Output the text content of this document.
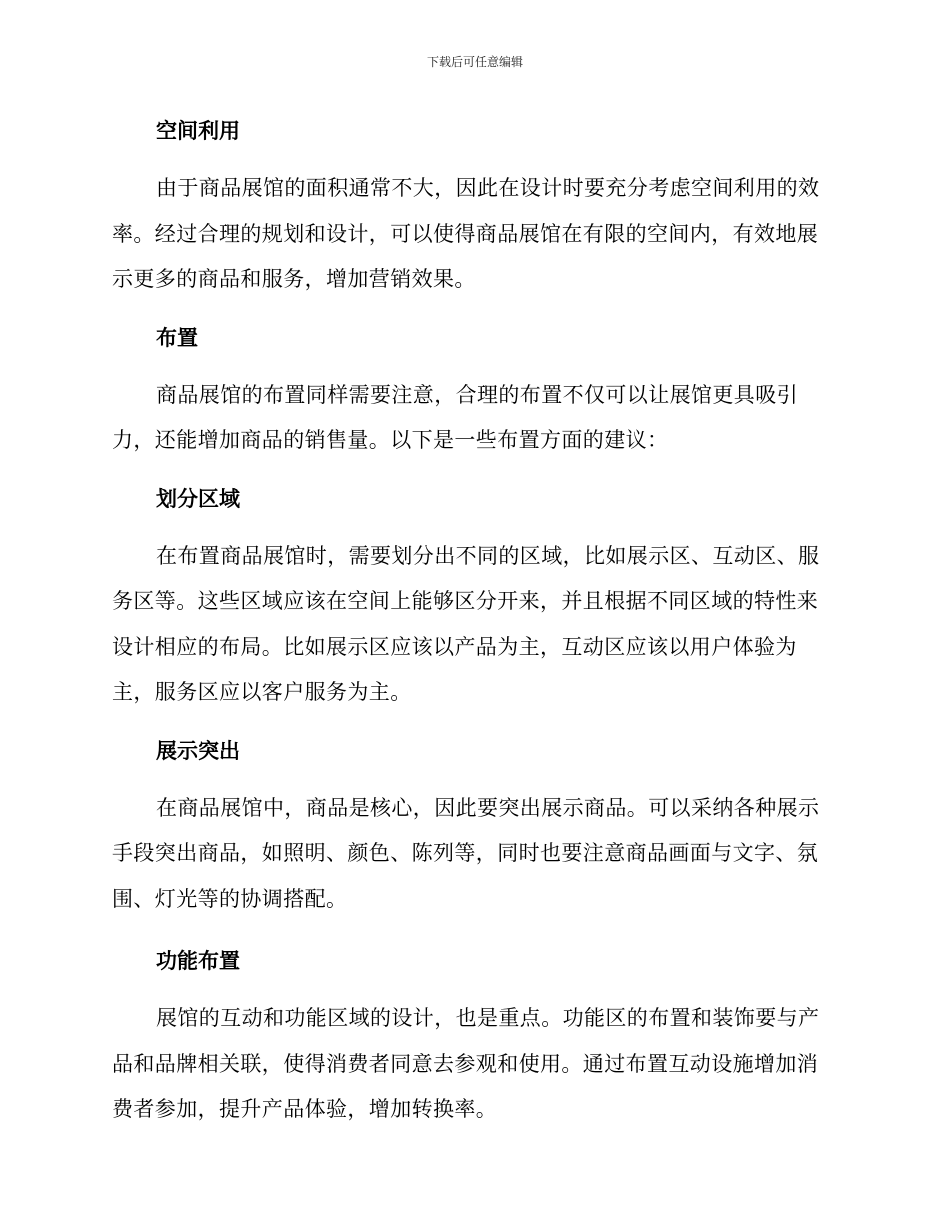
下载后可任意编辑
空间利用

由于商品展馆的面积通常不大，因此在设计时要充分考虑空间利用的效率。经过合理的规划和设计，可以使得商品展馆在有限的空间内，有效地展示更多的商品和服务，增加营销效果。

布置

商品展馆的布置同样需要注意，合理的布置不仅可以让展馆更具吸引力，还能增加商品的销售量。以下是一些布置方面的建议：

划分区域

在布置商品展馆时，需要划分出不同的区域，比如展示区、互动区、服务区等。这些区域应该在空间上能够区分开来，并且根据不同区域的特性来设计相应的布局。比如展示区应该以产品为主，互动区应该以用户体验为主，服务区应以客户服务为主。

展示突出

在商品展馆中，商品是核心，因此要突出展示商品。可以采纳各种展示手段突出商品，如照明、颜色、陈列等，同时也要注意商品画面与文字、氛围、灯光等的协调搭配。

功能布置

展馆的互动和功能区域的设计，也是重点。功能区的布置和装饰要与产品和品牌相关联，使得消费者同意去参观和使用。通过布置互动设施增加消费者参加，提升产品体验，增加转换率。
